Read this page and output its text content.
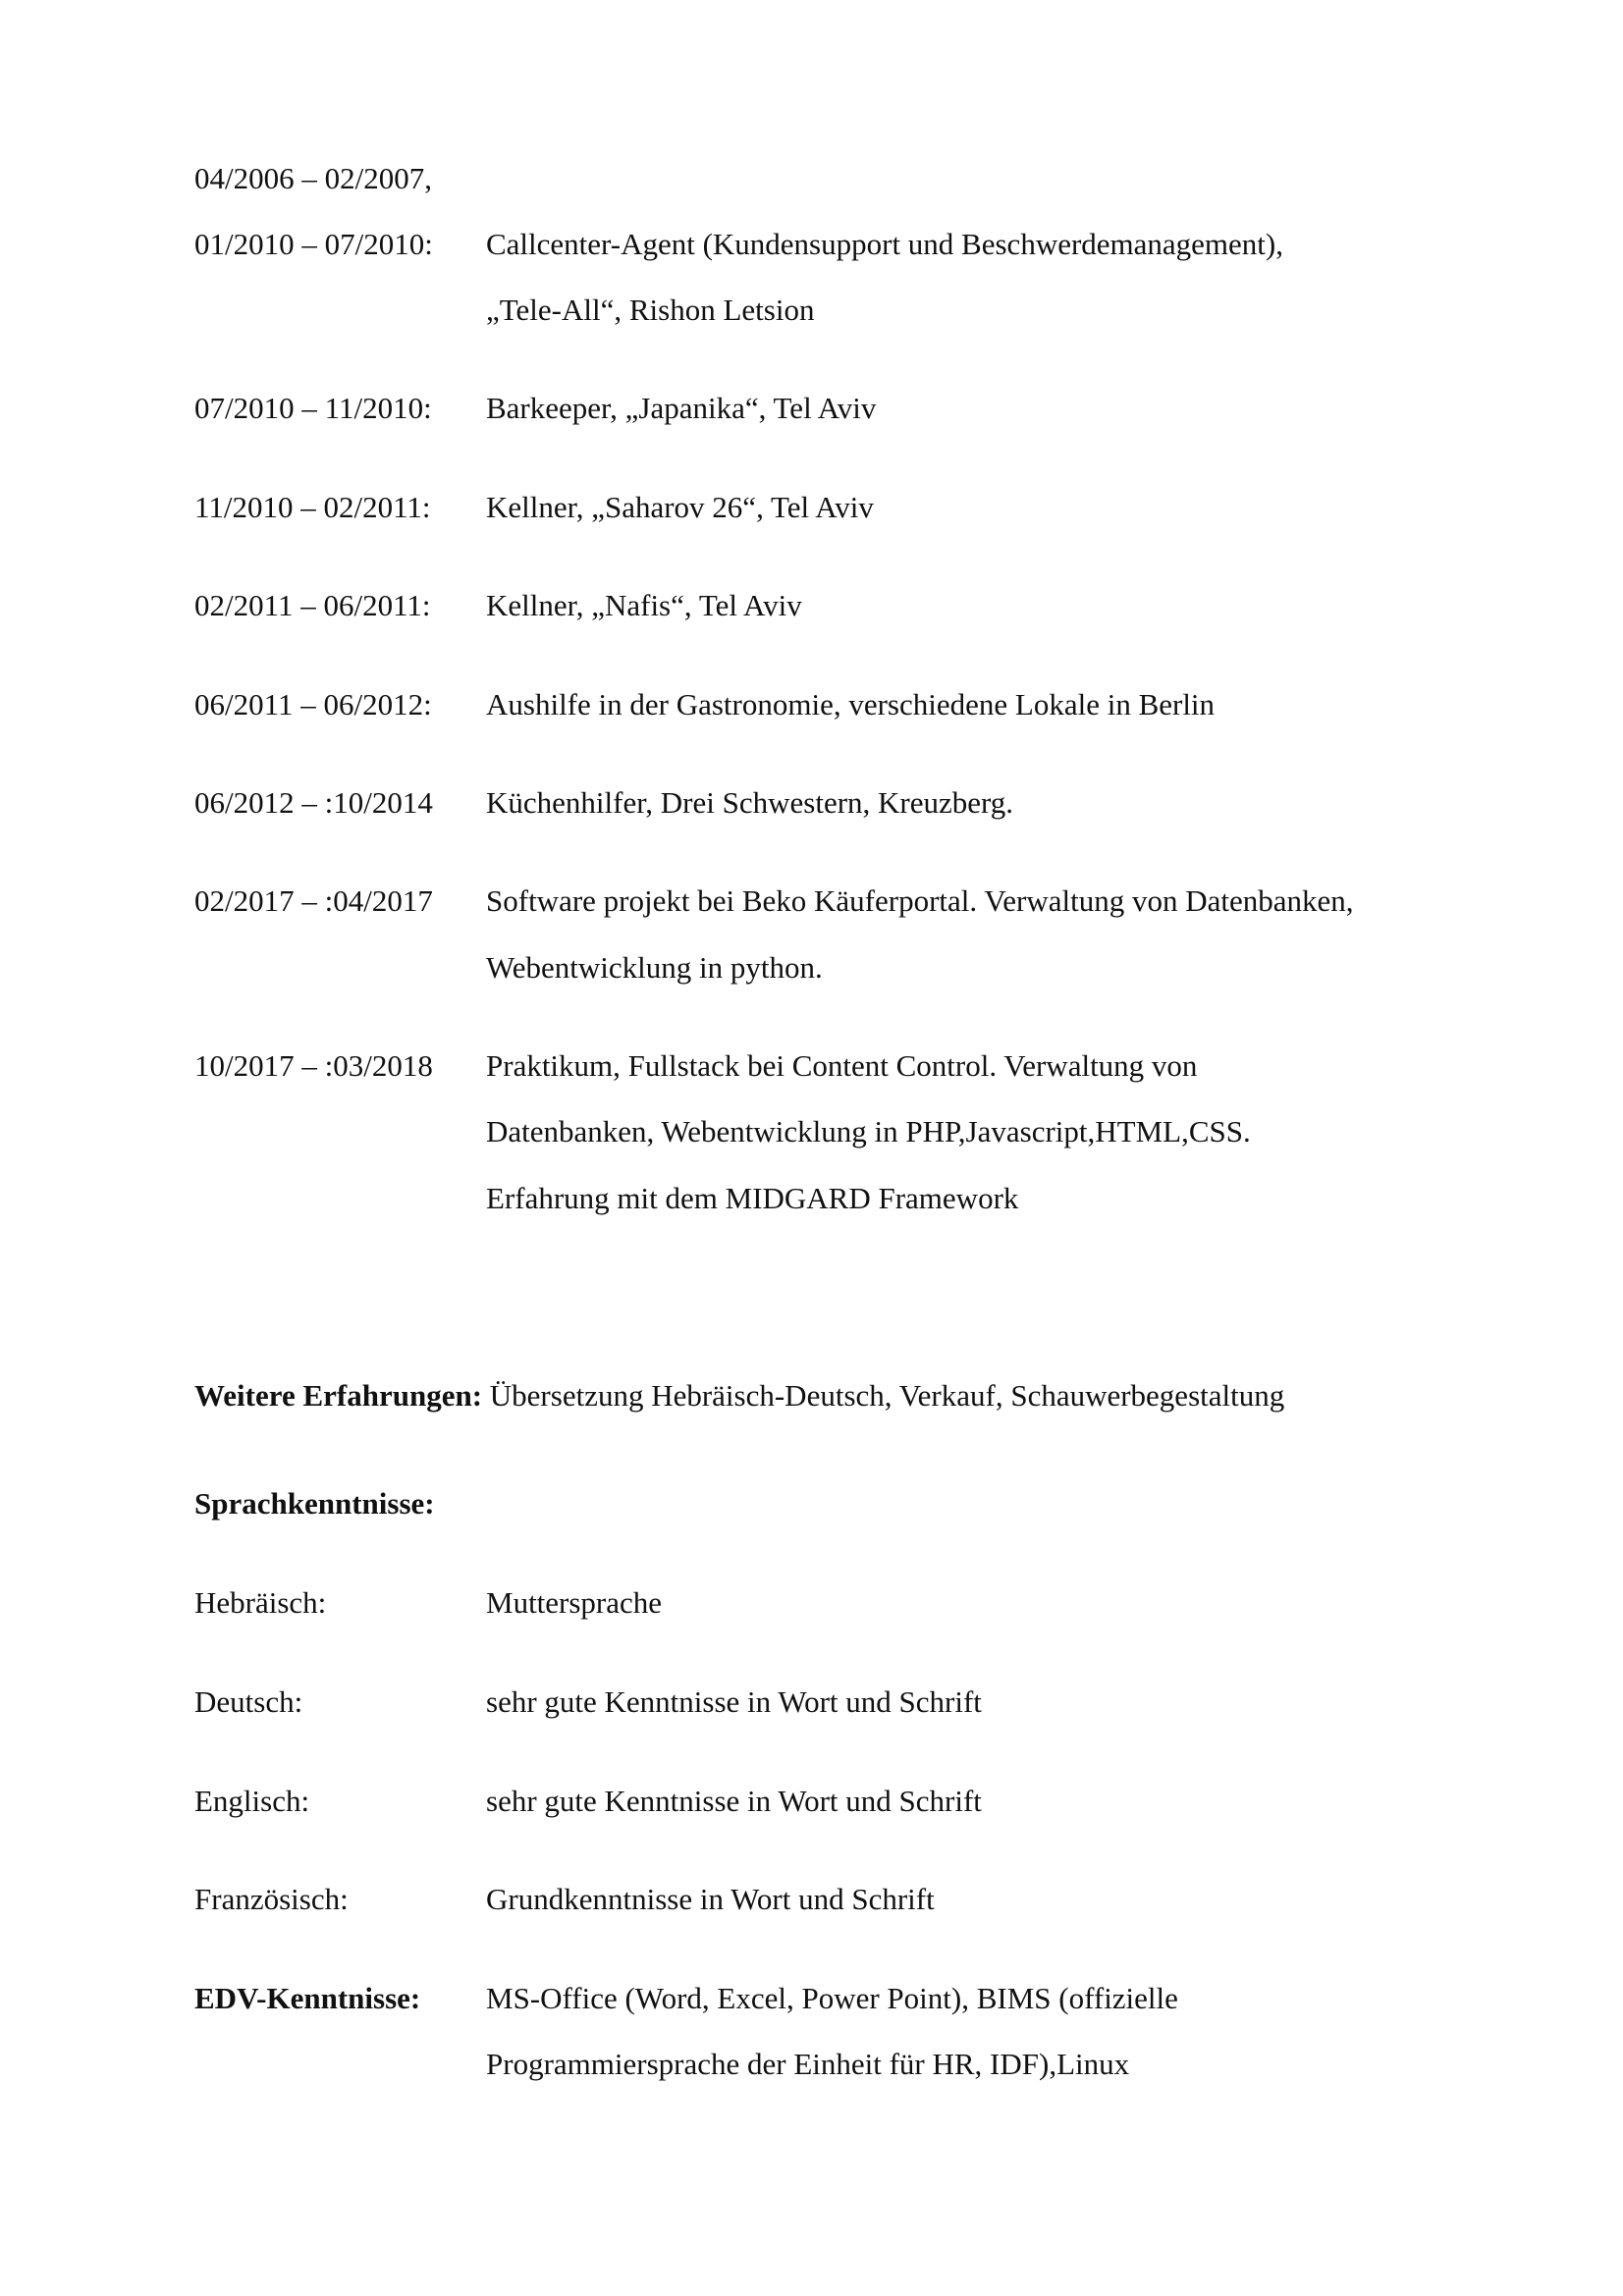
04/2006 – 02/2007,
01/2010 – 07/2010: Callcenter-Agent (Kundensupport und Beschwerdemanagement),
„Tele-All“, Rishon Letsion
07/2010 – 11/2010: Barkeeper, „Japanika“, Tel Aviv
11/2010 – 02/2011: Kellner, „Saharov 26“, Tel Aviv
02/2011 – 06/2011: Kellner, „Nafis“, Tel Aviv
06/2011 – 06/2012: Aushilfe in der Gastronomie, verschiedene Lokale in Berlin
06/2012 – :10/2014 Küchenhilfer, Drei Schwestern, Kreuzberg.
02/2017 – :04/2017 Software projekt bei Beko Käuferportal. Verwaltung von Datenbanken,
Webentwicklung in python.
10/2017 – :03/2018 Praktikum, Fullstack bei Content Control. Verwaltung von
Datenbanken, Webentwicklung in PHP,Javascript,HTML,CSS.
Erfahrung mit dem MIDGARD Framework
Weitere Erfahrungen: Übersetzung Hebräisch-Deutsch, Verkauf, Schauwerbegestaltung
Sprachkenntnisse:
Hebräisch:	Muttersprache
Deutsch:	sehr gute Kenntnisse in Wort und Schrift
Englisch:	sehr gute Kenntnisse in Wort und Schrift
Französisch:	Grundkenntnisse in Wort und Schrift
EDV-Kenntnisse: MS-Office (Word, Excel, Power Point), BIMS (offizielle
Programmiersprache der Einheit für HR, IDF),Linux
